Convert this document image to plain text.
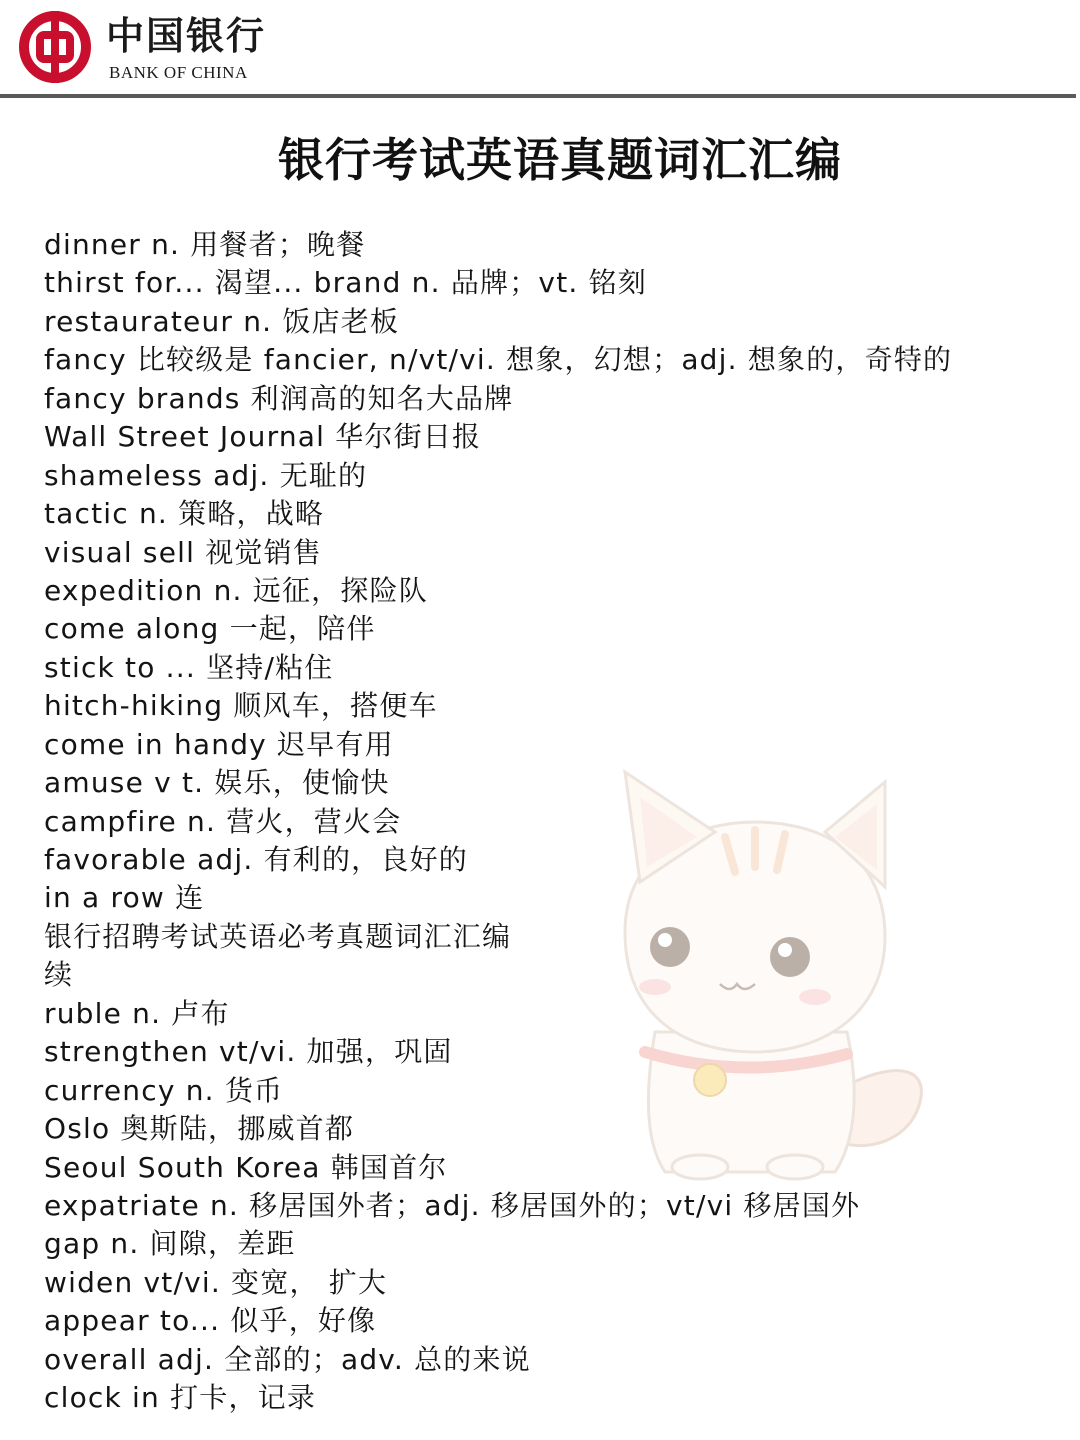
中国银行
BANK OF CHINA
银行考试英语真题词汇汇编
dinner n. 用餐者；晚餐
thirst for... 渴望... brand n. 品牌；vt. 铭刻
restaurateur n. 饭店老板
fancy 比较级是 fancier, n/vt/vi. 想象，幻想；adj. 想象的，奇特的
fancy brands 利润高的知名大品牌
Wall Street Journal 华尔街日报
shameless adj. 无耻的
tactic n. 策略，战略
visual sell 视觉销售
expedition n. 远征，探险队
come along 一起，陪伴
stick to ... 坚持/粘住
hitch-hiking 顺风车，搭便车
come in handy 迟早有用
amuse v t. 娱乐，使愉快
campfire n. 营火，营火会
favorable adj. 有利的，良好的
in a row 连
银行招聘考试英语必考真题词汇汇编
续
ruble n. 卢布
strengthen vt/vi. 加强，巩固
currency n. 货币
Oslo 奥斯陆，挪威首都
Seoul South Korea 韩国首尔
expatriate n. 移居国外者；adj. 移居国外的；vt/vi 移居国外
gap n. 间隙，差距
widen vt/vi. 变宽， 扩大
appear to... 似乎，好像
overall adj. 全部的；adv. 总的来说
clock in 打卡，记录
